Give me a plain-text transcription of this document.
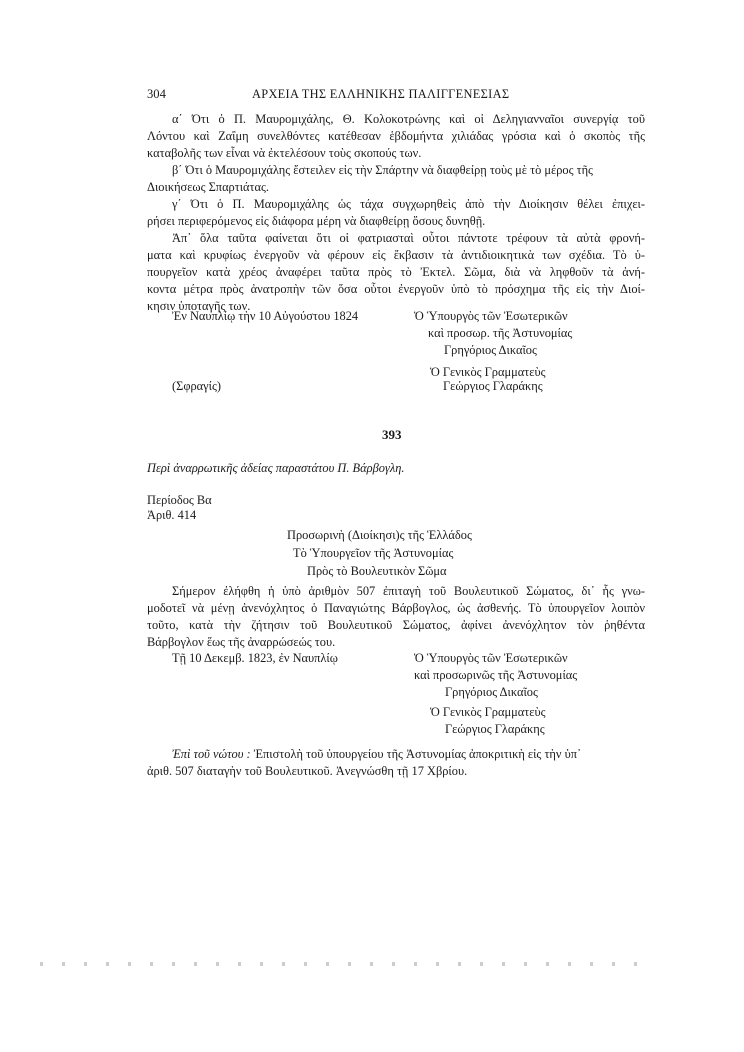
304	ΑΡΧΕΙΑ ΤΗΣ ΕΛΛΗΝΙΚΗΣ ΠΑΛΙΓΓΕΝΕΣΙΑΣ
α΄ Ότι ὁ Π. Μαυρομιχάλης, Θ. Κολοκοτρώνης καὶ οἱ Δεληγιανναῖοι συνεργίᾳ τοῦ
Λόντου καὶ Ζαΐμη συνελθόντες κατέθεσαν ἑβδομήντα χιλιάδας γρόσια καὶ ὁ σκοπὸς τῆς
καταβολῆς των εἶναι νὰ ἐκτελέσουν τοὺς σκοπούς των.
β΄ Ότι ὁ Μαυρομιχάλης ἔστειλεν εἰς τὴν Σπάρτην νὰ διαφθείρῃ τοὺς μὲ τὸ μέρος τῆς
Διοικήσεως Σπαρτιάτας.
γ΄ Ότι ὁ Π. Μαυρομιχάλης ὡς τάχα συγχωρηθεὶς ἀπὸ τὴν Διοίκησιν θέλει ἐπιχει-
ρήσει περιφερόμενος εἰς διάφορα μέρη νὰ διαφθείρῃ ὅσους δυνηθῇ.
Ἀπ᾽ ὅλα ταῦτα φαίνεται ὅτι οἱ φατριασταὶ οὗτοι πάντοτε τρέφουν τὰ αὐτὰ φρονή-
ματα καὶ κρυφίως ἐνεργοῦν νὰ φέρουν εἰς ἔκβασιν τὰ ἀντιδιοικητικὰ των σχέδια. Τὸ ὑ-
πουργεῖον κατὰ χρέος ἀναφέρει ταῦτα πρὸς τὸ Ἐκτελ. Σῶμα, διὰ νὰ ληφθοῦν τὰ ἀνή-
κοντα μέτρα πρὸς ἀνατροπὴν τῶν ὅσα οὗτοι ἐνεργοῦν ὑπὸ τὸ πρόσχημα τῆς εἰς τὴν Διοί-
κησιν ὑποταγῆς των.
Ἐν Ναυπλίῳ τὴν 10 Αὐγούστου 1824	Ὁ Ὑπουργὸς τῶν Ἐσωτερικῶν
καὶ προσωρ. τῆς Ἀστυνομίας
Γρηγόριος Δικαῖος
Ὁ Γενικὸς Γραμματεὺς
(Σφραγίς)	Γεώργιος Γλαράκης
393
Περὶ ἀναρρωτικῆς ἀδείας παραστάτου Π. Βάρβογλη.
Περίοδος Βα
Ἀριθ. 414
Προσωρινὴ (Διοίκησι)ς τῆς Ἑλλάδος
Τὸ Ὑπουργεῖον τῆς Ἀστυνομίας
Πρὸς τὸ Βουλευτικὸν Σῶμα
Σήμερον ἐλήφθη ἡ ὑπὸ ἀριθμὸν 507 ἐπιταγὴ τοῦ Βουλευτικοῦ Σώματος, δι᾽ ἧς γνω-
μοδοτεῖ νὰ μένῃ ἀνενόχλητος ὁ Παναγιώτης Βάρβογλος, ὡς ἀσθενής. Τὸ ὑπουργεῖον λοιπὸν
τοῦτο, κατὰ τὴν ζήτησιν τοῦ Βουλευτικοῦ Σώματος, ἀφίνει ἀνενόχλητον τὸν ῥηθέντα
Βάρβογλον ἕως τῆς ἀναρρώσεώς του.
Τῇ 10 Δεκεμβ. 1823, ἐν Ναυπλίῳ	Ὁ Ὑπουργὸς τῶν Ἐσωτερικῶν
καὶ προσωρινῶς τῆς Ἀστυνομίας
Γρηγόριος Δικαῖος
Ὁ Γενικὸς Γραμματεὺς
Γεώργιος Γλαράκης
Ἐπὶ τοῦ νώτου : Ἐπιστολὴ τοῦ ὑπουργείου τῆς Ἀστυνομίας ἀποκριτικὴ εἰς τὴν ὑπ᾽
ἀριθ. 507 διαταγὴν τοῦ Βουλευτικοῦ. Ἀνεγνώσθη τῇ 17 Χβρίου.
